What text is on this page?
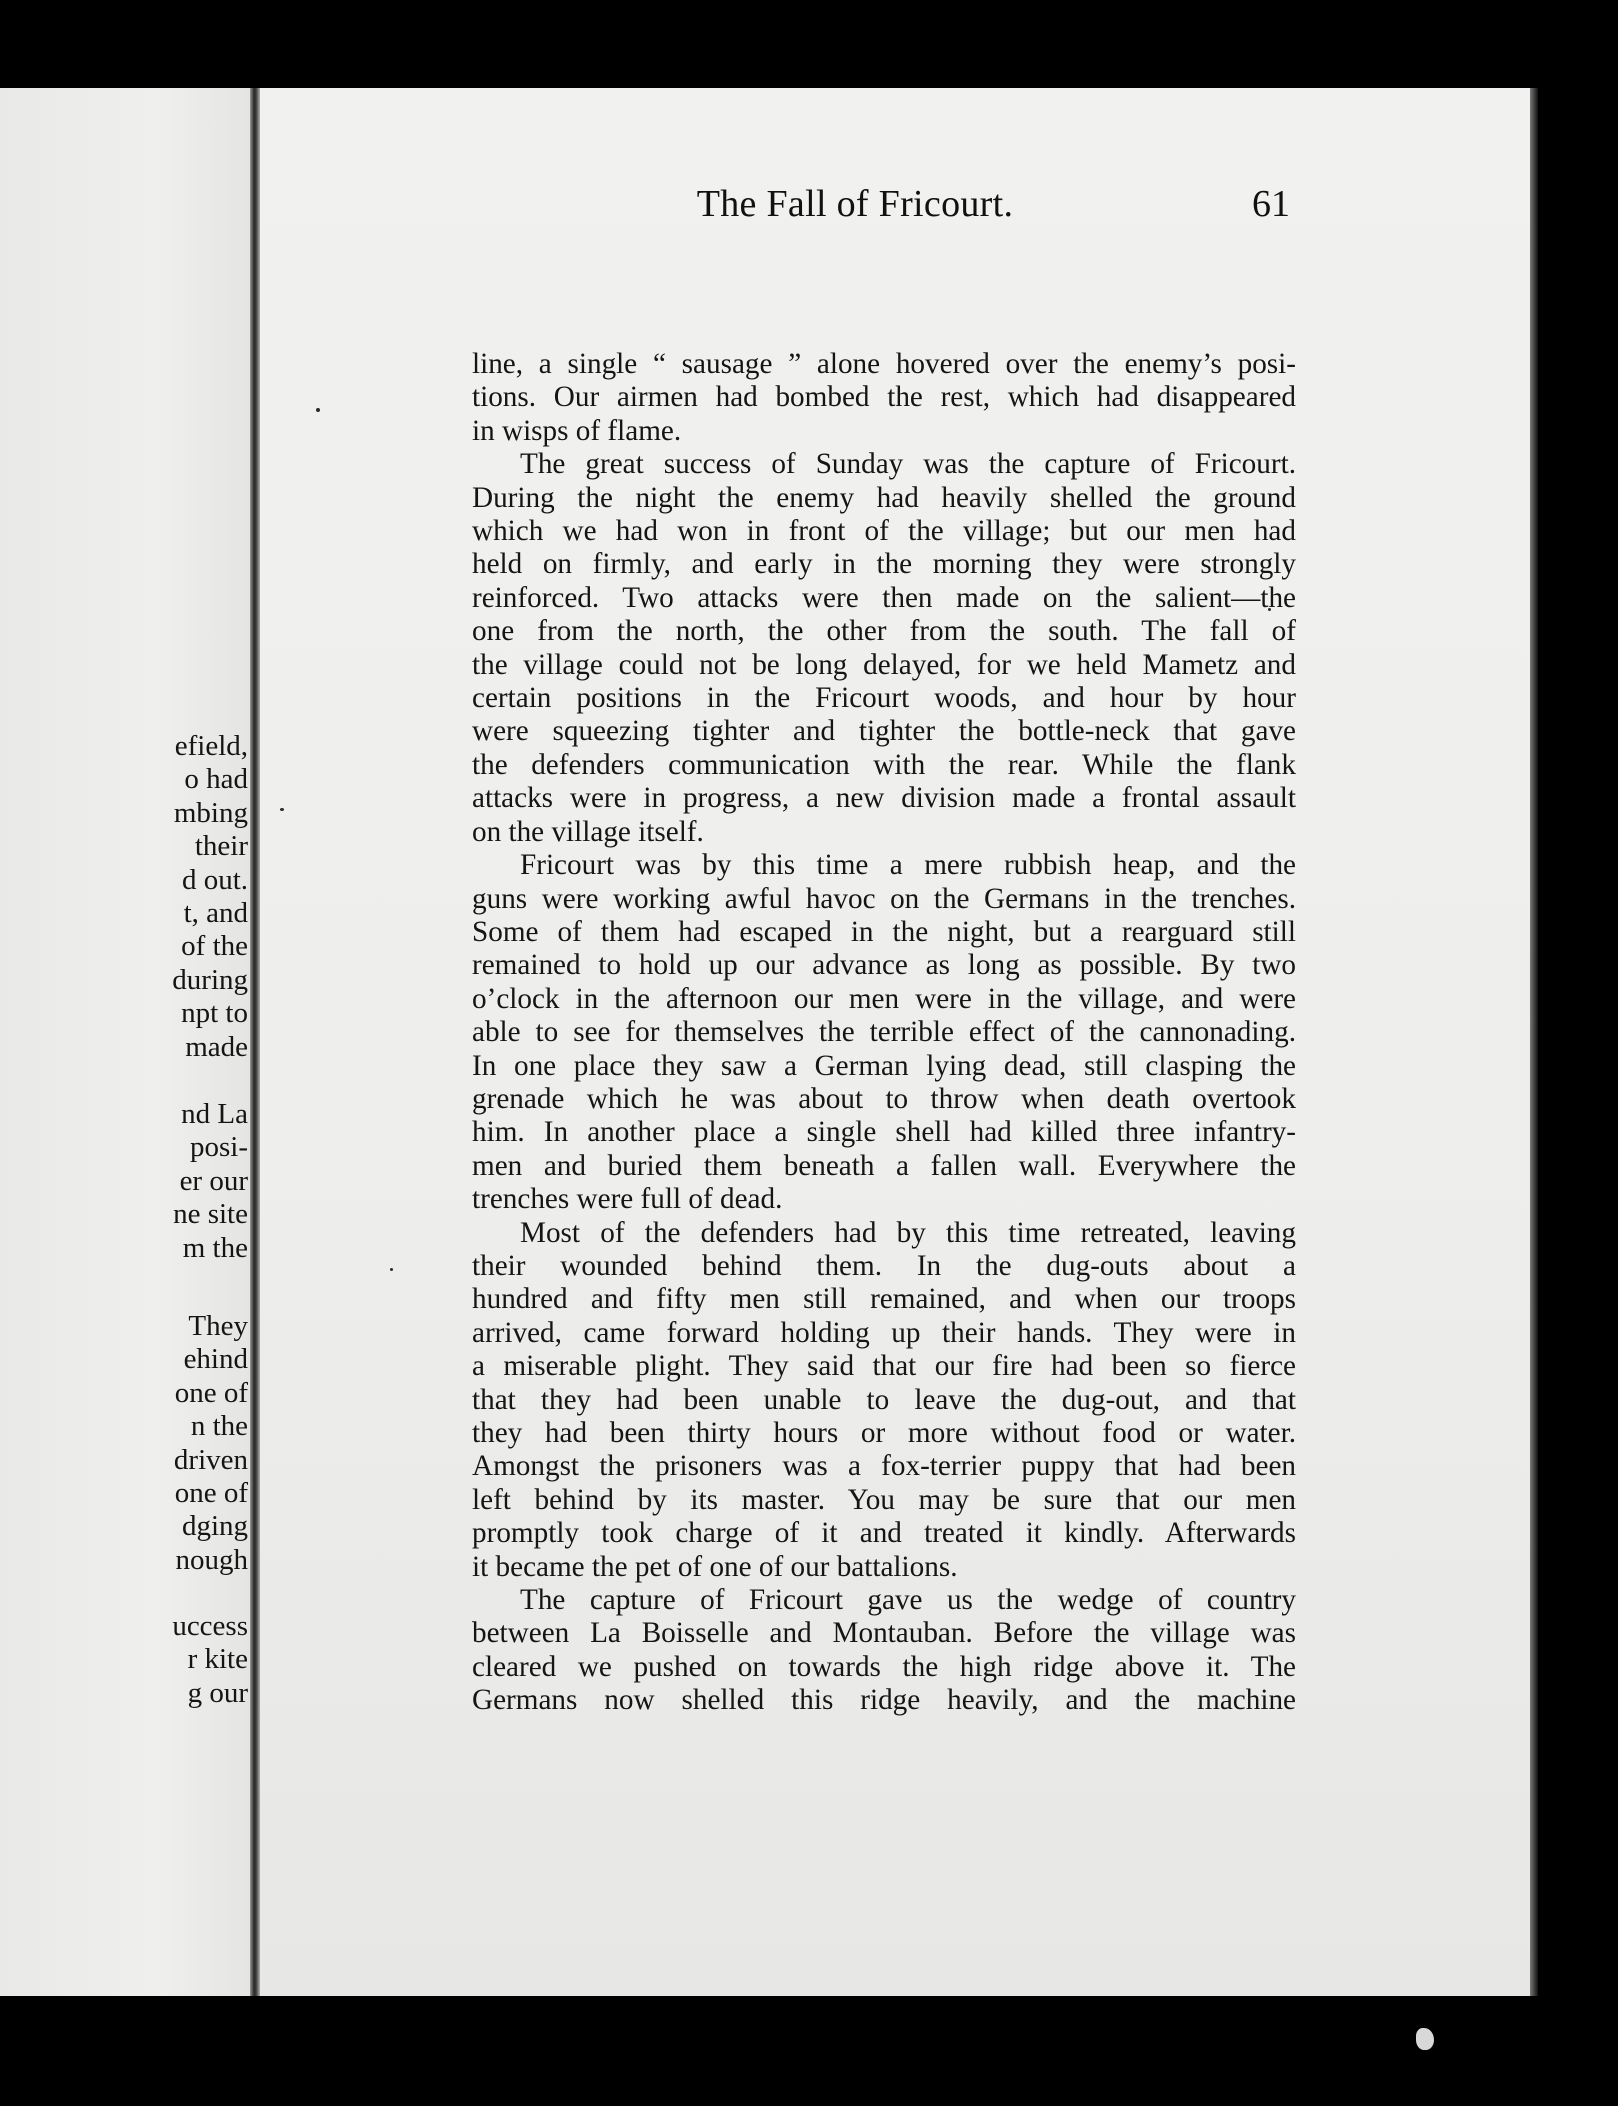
efield,
o had
mbing
their
d out.
t, and
of the
during
npt to
made
nd La
posi-
er our
ne site
m the
They
ehind
one of
n the
driven
one of
dging
nough
uccess
r kite
g our
The Fall of Fricourt.	61
line, a single “ sausage ” alone hovered over the enemy’s posi-
tions. Our airmen had bombed the rest, which had disappeared
in wisps of flame.
The great success of Sunday was the capture of Fricourt.
During the night the enemy had heavily shelled the ground
which we had won in front of the village; but our men had
held on firmly, and early in the morning they were strongly
reinforced. Two attacks were then made on the salient—the
one from the north, the other from the south. The fall of
the village could not be long delayed, for we held Mametz and
certain positions in the Fricourt woods, and hour by hour
were squeezing tighter and tighter the bottle-neck that gave
the defenders communication with the rear. While the flank
attacks were in progress, a new division made a frontal assault
on the village itself.
Fricourt was by this time a mere rubbish heap, and the
guns were working awful havoc on the Germans in the trenches.
Some of them had escaped in the night, but a rearguard still
remained to hold up our advance as long as possible. By two
o’clock in the afternoon our men were in the village, and were
able to see for themselves the terrible effect of the cannonading.
In one place they saw a German lying dead, still clasping the
grenade which he was about to throw when death overtook
him. In another place a single shell had killed three infantry-
men and buried them beneath a fallen wall. Everywhere the
trenches were full of dead.
Most of the defenders had by this time retreated, leaving
their wounded behind them. In the dug-outs about a
hundred and fifty men still remained, and when our troops
arrived, came forward holding up their hands. They were in
a miserable plight. They said that our fire had been so fierce
that they had been unable to leave the dug-out, and that
they had been thirty hours or more without food or water.
Amongst the prisoners was a fox-terrier puppy that had been
left behind by its master. You may be sure that our men
promptly took charge of it and treated it kindly. Afterwards
it became the pet of one of our battalions.
The capture of Fricourt gave us the wedge of country
between La Boisselle and Montauban. Before the village was
cleared we pushed on towards the high ridge above it. The
Germans now shelled this ridge heavily, and the machine
